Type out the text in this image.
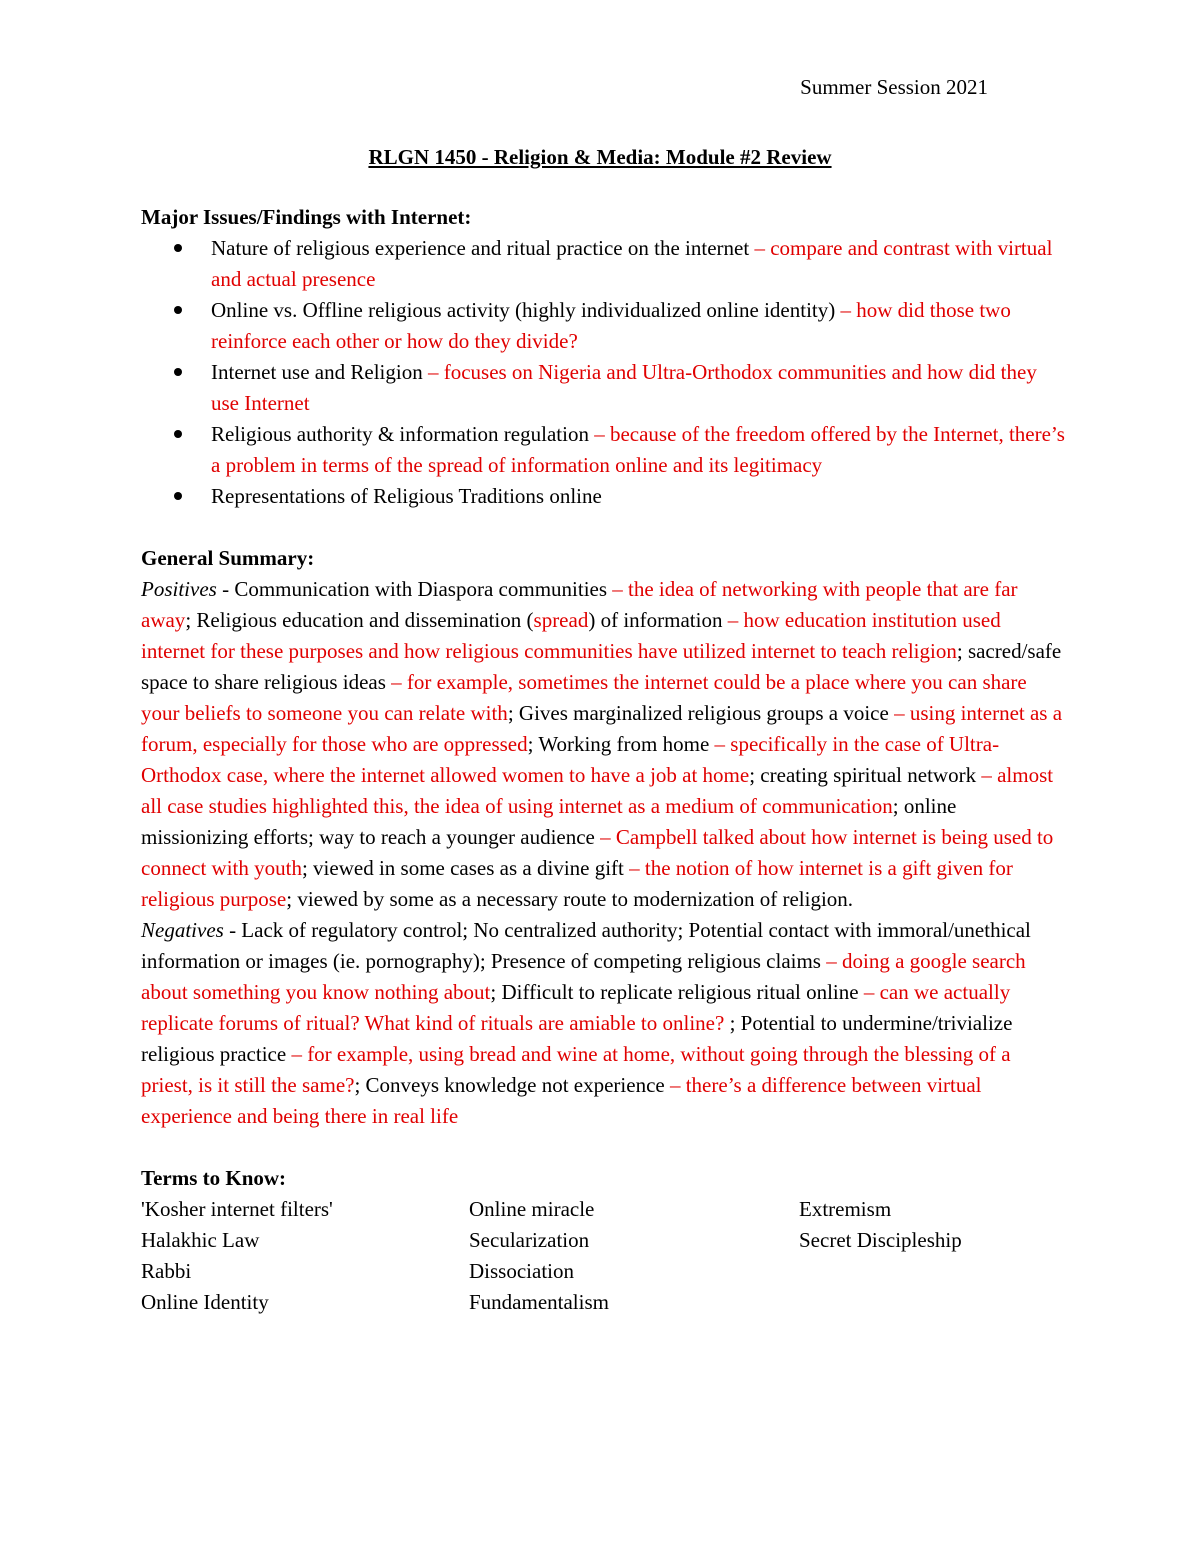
Summer Session 2021
RLGN 1450 - Religion & Media: Module #2 Review

Major Issues/Findings with Internet:

Nature of religious experience and ritual practice on the internet – compare and contrast with virtual and actual presence
Online vs. Offline religious activity (highly individualized online identity) – how did those two reinforce each other or how do they divide?
Internet use and Religion – focuses on Nigeria and Ultra-Orthodox communities and how did they use Internet
Religious authority & information regulation – because of the freedom offered by the Internet, there’s a problem in terms of the spread of information online and its legitimacy
Representations of Religious Traditions online

General Summary:

Positives - Communication with Diaspora communities – the idea of networking with people that are far away; Religious education and dissemination (spread) of information – how education institution used internet for these purposes and how religious communities have utilized internet to teach religion; sacred/safe space to share religious ideas – for example, sometimes the internet could be a place where you can share your beliefs to someone you can relate with; Gives marginalized religious groups a voice – using internet as a forum, especially for those who are oppressed; Working from home – specifically in the case of Ultra-Orthodox case, where the internet allowed women to have a job at home; creating spiritual network – almost all case studies highlighted this, the idea of using internet as a medium of communication; online missionizing efforts; way to reach a younger audience – Campbell talked about how internet is being used to connect with youth; viewed in some cases as a divine gift – the notion of how internet is a gift given for religious purpose; viewed by some as a necessary route to modernization of religion.

Negatives - Lack of regulatory control; No centralized authority; Potential contact with immoral/unethical information or images (ie. pornography); Presence of competing religious claims – doing a google search about something you know nothing about; Difficult to replicate religious ritual online – can we actually replicate forums of ritual? What kind of rituals are amiable to online? ; Potential to undermine/trivialize religious practice – for example, using bread and wine at home, without going through the blessing of a priest, is it still the same?; Conveys knowledge not experience – there’s a difference between virtual experience and being there in real life

Terms to Know:

'Kosher internet filters'	Online miracle	Extremism
Halakhic Law	Secularization	Secret Discipleship
Rabbi	Dissociation
Online Identity	Fundamentalism
